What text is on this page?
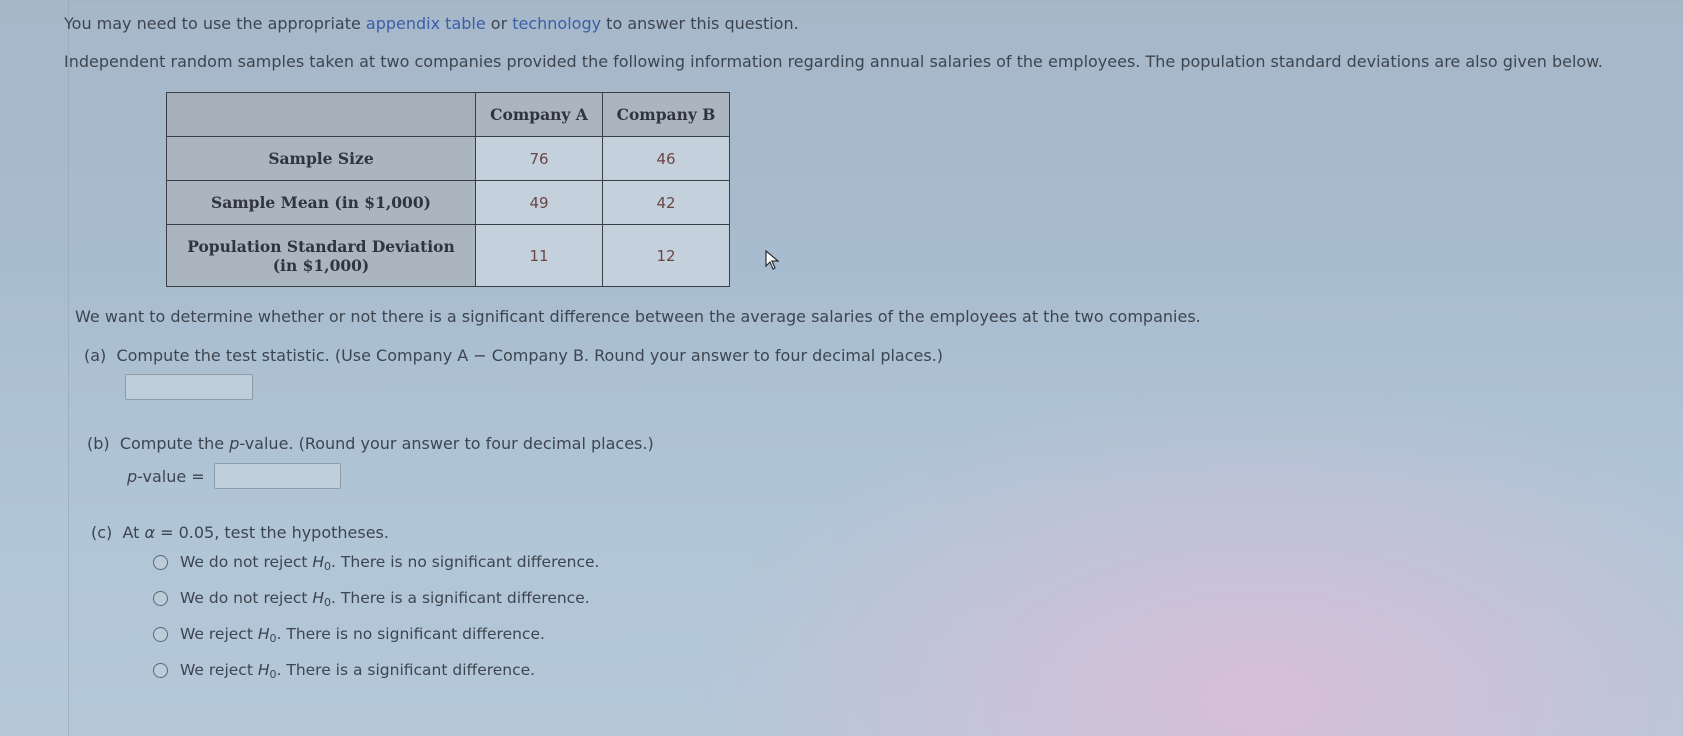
You may need to use the appropriate appendix table or technology to answer this question.
Independent random samples taken at two companies provided the following information regarding annual salaries of the employees. The population standard deviations are also given below.
	Company A	Company B
Sample Size	76	46
Sample Mean (in $1,000)	49	42

Population Standard Deviation
(in $1,000)	11	12
We want to determine whether or not there is a significant difference between the average salaries of the employees at the two companies.
(a) Compute the test statistic. (Use Company A − Company B. Round your answer to four decimal places.)
(b) Compute the p-value. (Round your answer to four decimal places.)
p-value =
(c) At α = 0.05, test the hypotheses.
We do not reject
H 0 . There is no significant difference.
We do not reject
H 0 . There is a significant difference.
We reject
H 0 . There is no significant difference.
We reject
H 0 . There is a significant difference.
